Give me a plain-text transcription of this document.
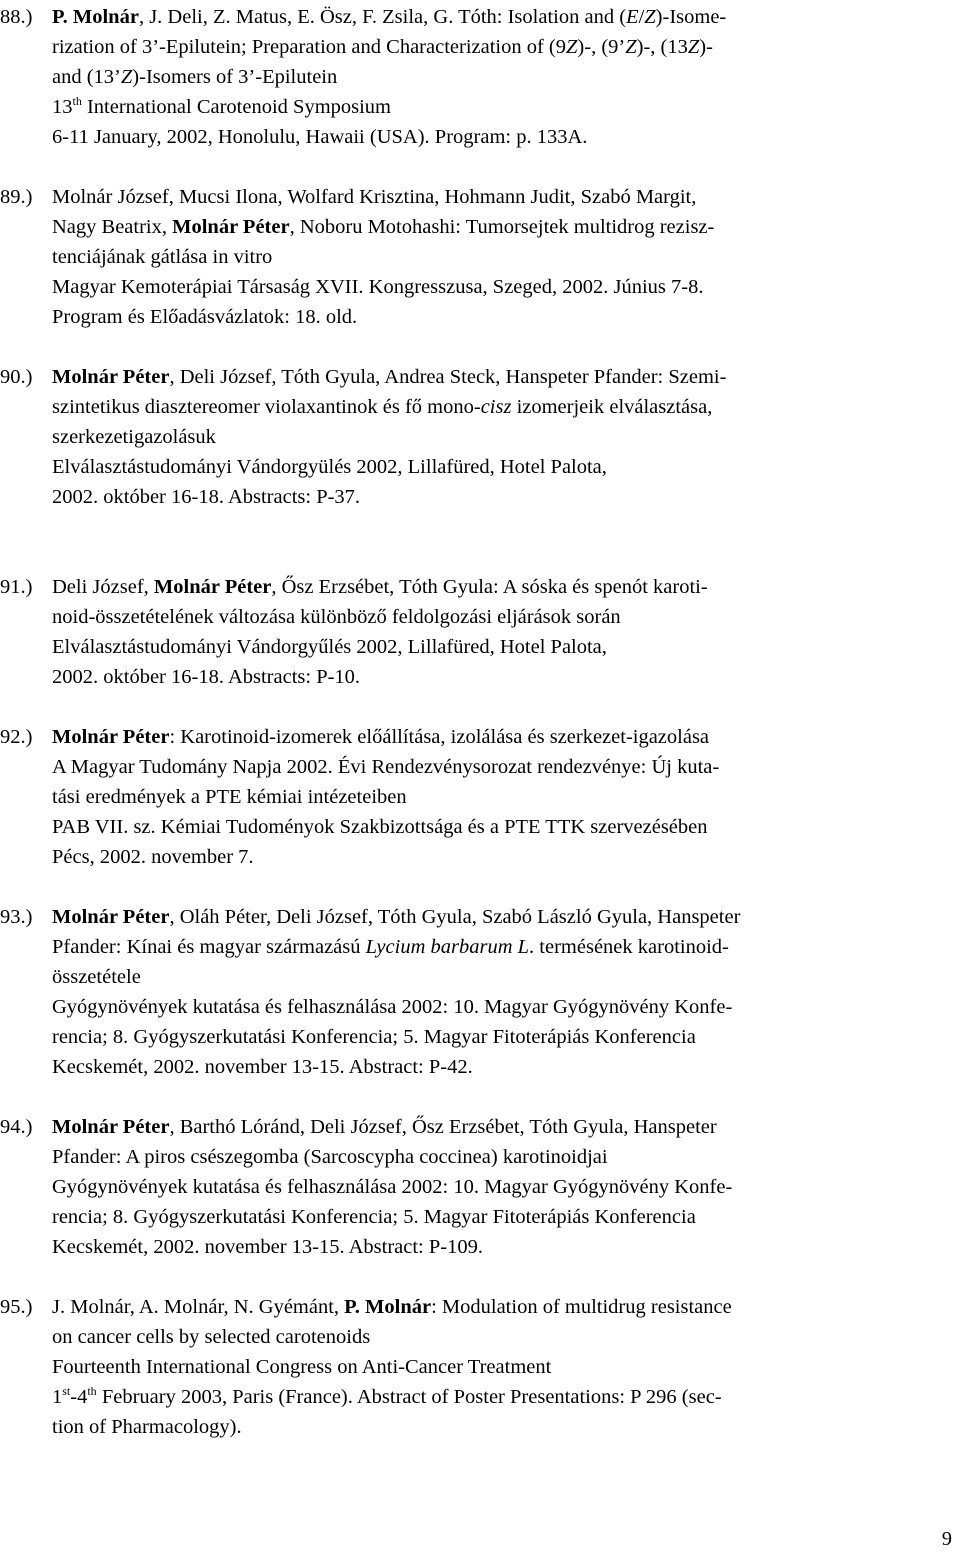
88.) P. Molnár, J. Deli, Z. Matus, E. Ösz, F. Zsila, G. Tóth: Isolation and (E/Z)-Isome-
rization of 3’-Epilutein; Preparation and Characterization of (9Z)-, (9’Z)-, (13Z)-
and (13’Z)-Isomers of 3’-Epilutein
13th International Carotenoid Symposium
6-11 January, 2002, Honolulu, Hawaii (USA). Program: p. 133A.
89.) Molnár József, Mucsi Ilona, Wolfard Krisztina, Hohmann Judit, Szabó Margit,
Nagy Beatrix, Molnár Péter, Noboru Motohashi: Tumorsejtek multidrog rezisz-
tenciájának gátlása in vitro
Magyar Kemoterápiai Társaság XVII. Kongresszusa, Szeged, 2002. Június 7-8.
Program és Előadásvázlatok: 18. old.
90.) Molnár Péter, Deli József, Tóth Gyula, Andrea Steck, Hanspeter Pfander: Szemi-
szintetikus diasztereomer violaxantinok és fő mono-cisz izomerjeik elválasztása,
szerkezetigazolásuk
Elválasztástudományi Vándorgyülés 2002, Lillafüred, Hotel Palota,
2002. október 16-18. Abstracts: P-37.
91.) Deli József, Molnár Péter, Ősz Erzsébet, Tóth Gyula: A sóska és spenót karoti-
noid-összetételének változása különböző feldolgozási eljárások során
Elválasztástudományi Vándorgyűlés 2002, Lillafüred, Hotel Palota,
2002. október 16-18. Abstracts: P-10.
92.) Molnár Péter: Karotinoid-izomerek előállítása, izolálása és szerkezet-igazolása
A Magyar Tudomány Napja 2002. Évi Rendezvénysorozat rendezvénye: Új kuta-
tási eredmények a PTE kémiai intézeteiben
PAB VII. sz. Kémiai Tudoményok Szakbizottsága és a PTE TTK szervezésében
Pécs, 2002. november 7.
93.) Molnár Péter, Oláh Péter, Deli József, Tóth Gyula, Szabó László Gyula, Hanspeter
Pfander: Kínai és magyar származású Lycium barbarum L. termésének karotinoid-
összetétele
Gyógynövények kutatása és felhasználása 2002: 10. Magyar Gyógynövény Konfe-
rencia; 8. Gyógyszerkutatási Konferencia; 5. Magyar Fitoterápiás Konferencia
Kecskemét, 2002. november 13-15. Abstract: P-42.
94.) Molnár Péter, Barthó Lóránd, Deli József, Ősz Erzsébet, Tóth Gyula, Hanspeter
Pfander: A piros csészegomba (Sarcoscypha coccinea) karotinoidjai
Gyógynövények kutatása és felhasználása 2002: 10. Magyar Gyógynövény Konfe-
rencia; 8. Gyógyszerkutatási Konferencia; 5. Magyar Fitoterápiás Konferencia
Kecskemét, 2002. november 13-15. Abstract: P-109.
95.) J. Molnár, A. Molnár, N. Gyémánt, P. Molnár: Modulation of multidrug resistance
on cancer cells by selected carotenoids
Fourteenth International Congress on Anti-Cancer Treatment
1st-4th February 2003, Paris (France). Abstract of Poster Presentations: P 296 (sec-
tion of Pharmacology).
9
